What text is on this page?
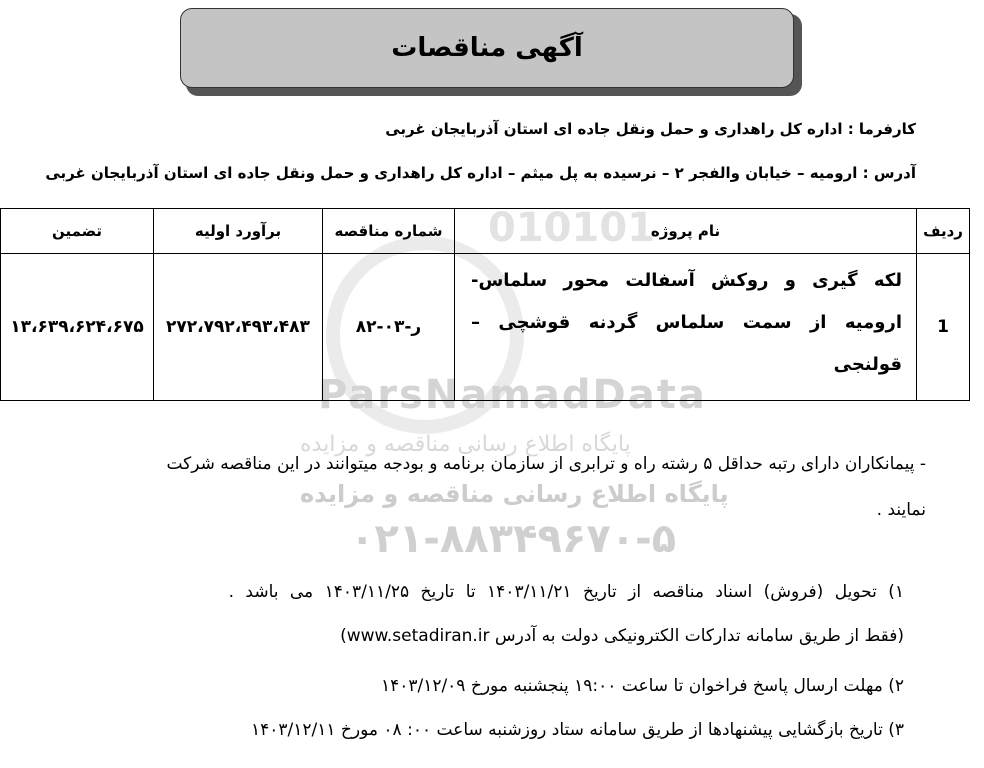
010101
ParsNamadData
پایگاه اطلاع رسانی مناقصه و مزایده
پایگاه اطلاع رسانی مناقصه و مزایده
۰۲۱-۸۸۳۴۹۶۷۰-۵
آگهی مناقصات
کارفرما : اداره کل راهداری و حمل ونقل جاده ای استان آذربایجان غربی
آدرس : ارومیه – خیابان والفجر ۲ – نرسیده به پل میثم – اداره کل راهداری و حمل ونقل جاده ای استان آذربایجان غربی
ردیف
نام پروژه
شماره مناقصه
برآورد اولیه
تضمین
1
لکه گیری و روکش آسفالت محور سلماس- ارومیه از سمت سلماس گردنه قوشچی – قولنجی
۸۲-ر-۰۳
۲۷۲،۷۹۲،۴۹۳،۴۸۳
۱۳،۶۳۹،۶۲۴،۶۷۵
- پیمانکاران دارای رتبه حداقل ۵ رشته راه و ترابری از سازمان برنامه و بودجه میتوانند در این مناقصه شرکت
نمایند .
۱) تحویل (فروش) اسناد مناقصه از تاریخ ۱۴۰۳/۱۱/۲۱ تا تاریخ ۱۴۰۳/۱۱/۲۵ می باشد .
(فقط از طریق سامانه تدارکات الکترونیکی دولت به آدرس www.setadiran.ir)
۲) مهلت ارسال پاسخ فراخوان تا ساعت ۱۹:۰۰ پنجشنبه مورخ ۱۴۰۳/۱۲/۰۹
۳) تاریخ بازگشایی پیشنهادها از طریق سامانه ستاد روزشنبه ساعت ۰۰: ۰۸ مورخ ۱۴۰۳/۱۲/۱۱
